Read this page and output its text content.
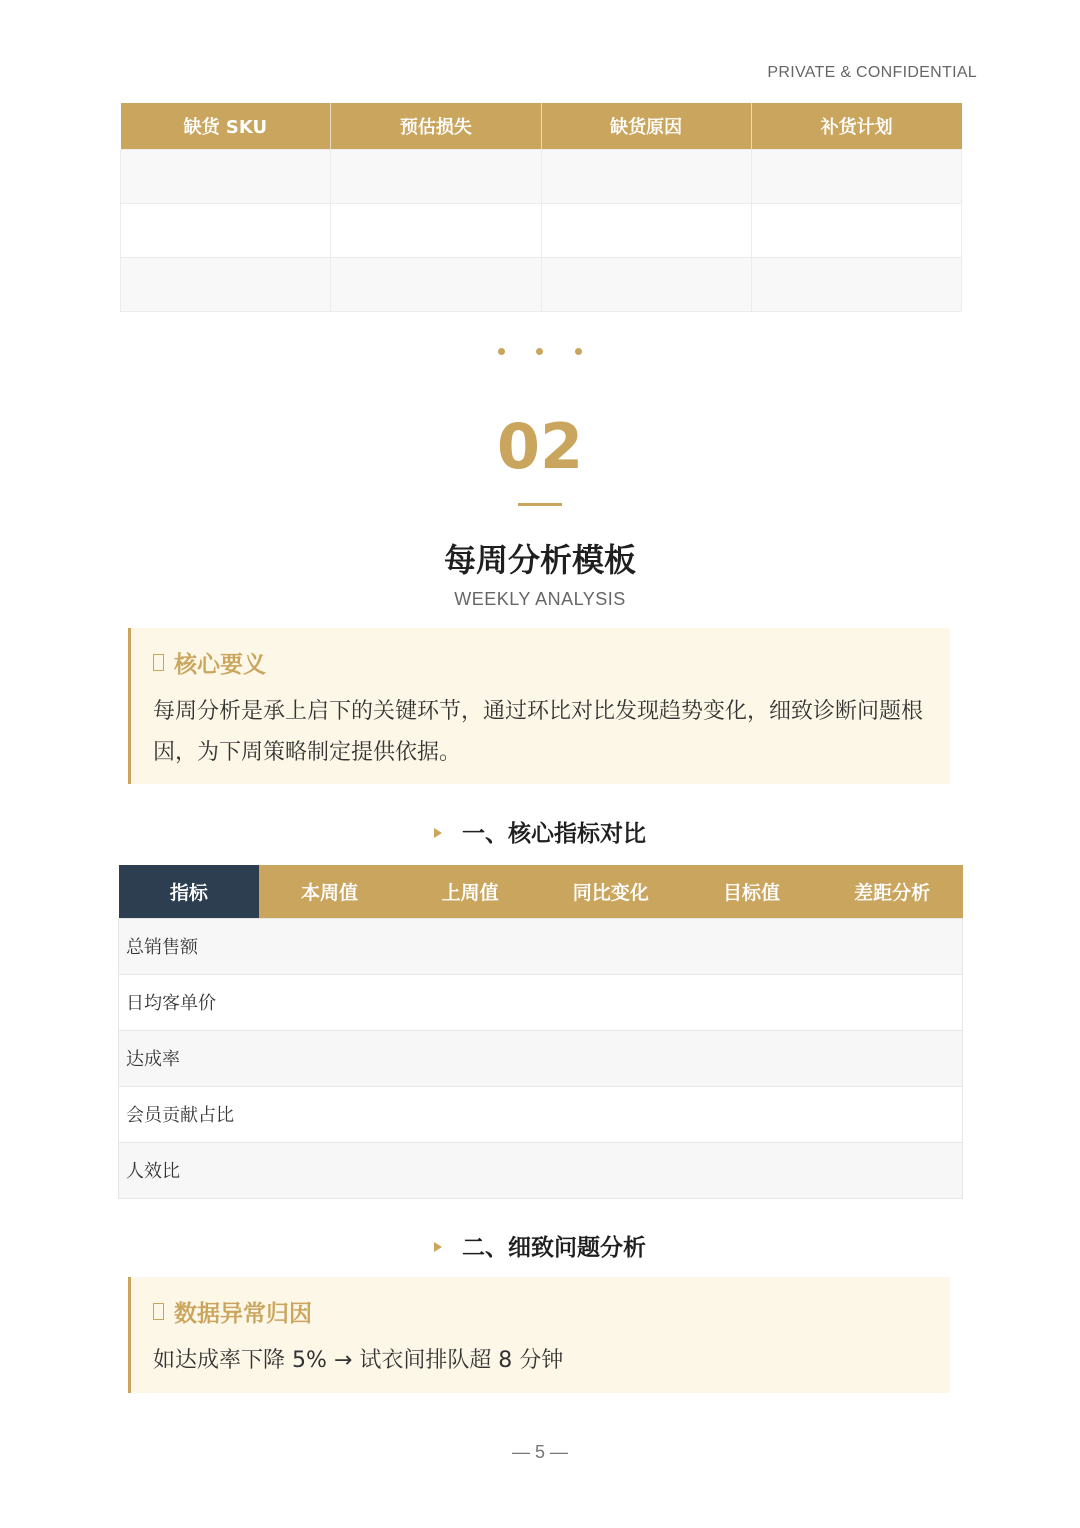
PRIVATE & CONFIDENTIAL
缺货 SKU	预估损失	缺货原因	补货计划

02
每周分析模板
WEEKLY ANALYSIS
核心要义
每周分析是承上启下的关键环节，通过环比对比发现趋势变化，细致诊断问题根因，为下周策略制定提供依据。
一、核心指标对比
指标	本周值	上周值	同比变化	目标值	差距分析
总销售额					
日均客单价					
达成率					
会员贡献占比					
人效比					
二、细致问题分析
数据异常归因
如达成率下降 5% → 试衣间排队超 8 分钟
— 5 —
